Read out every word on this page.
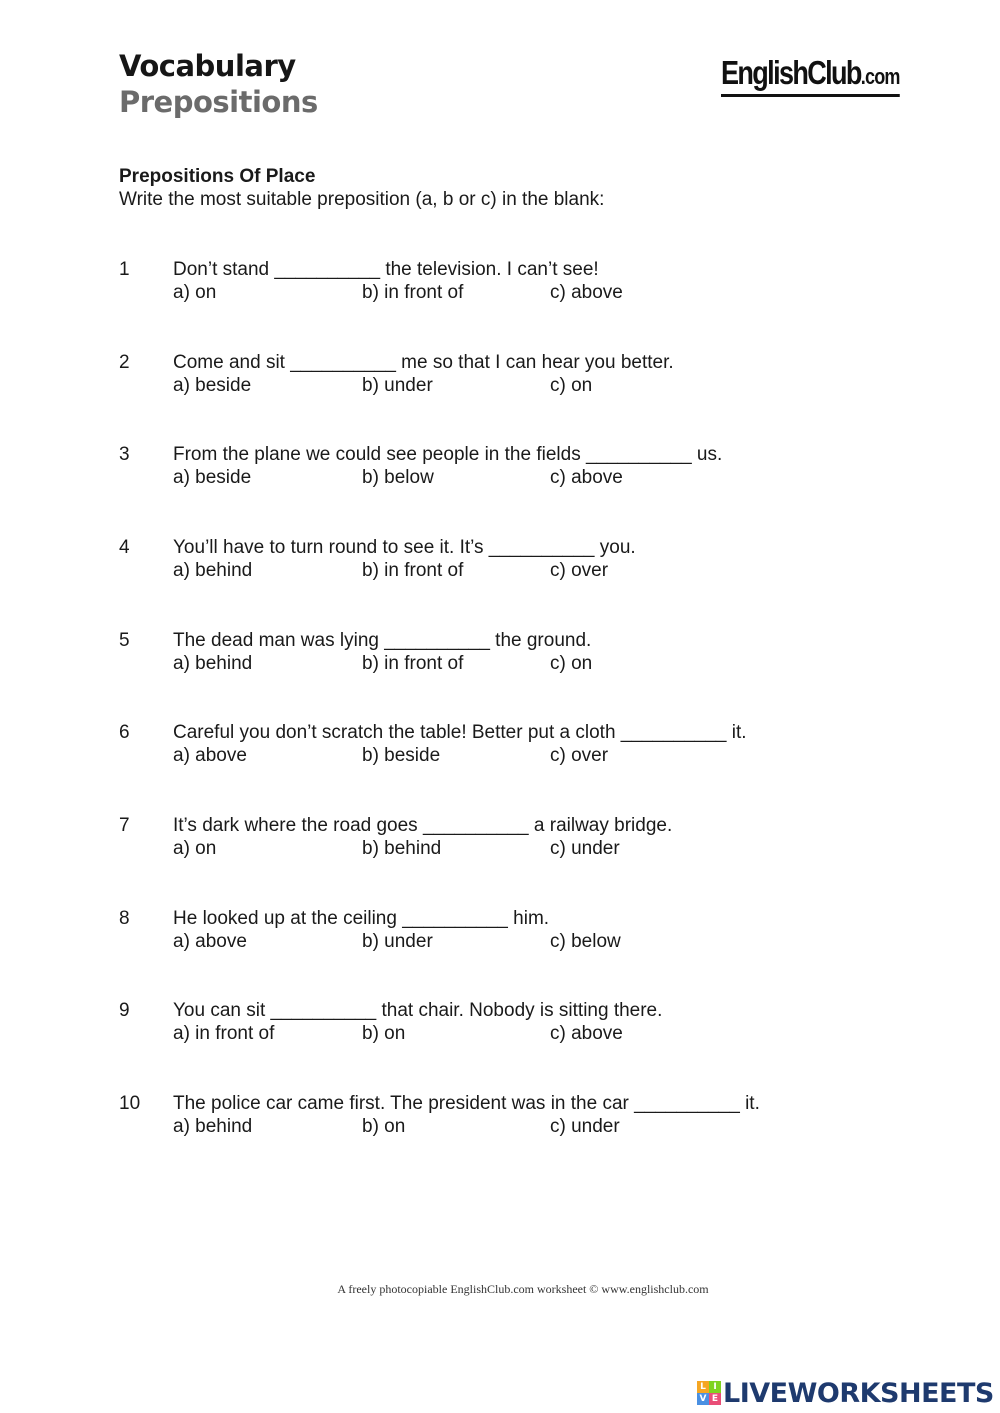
Vocabulary
Prepositions
EnglishClub.com
Prepositions Of Place
Write the most suitable preposition (a, b or c) in the blank:
1 Don’t stand __________ the television. I can’t see!
a) on	b) in front of	c) above
2 Come and sit __________ me so that I can hear you better.
a) beside	b) under	c) on
3 From the plane we could see people in the fields __________ us.
a) beside	b) below	c) above
4 You’ll have to turn round to see it. It’s __________ you.
a) behind	b) in front of	c) over
5 The dead man was lying __________ the ground.
a) behind	b) in front of	c) on
6 Careful you don’t scratch the table! Better put a cloth __________ it.
a) above	b) beside	c) over
7 It’s dark where the road goes __________ a railway bridge.
a) on	b) behind	c) under
8 He looked up at the ceiling __________ him.
a) above	b) under	c) below
9 You can sit __________ that chair. Nobody is sitting there.
a) in front of	b) on	c) above
10 The police car came first. The president was in the car __________ it.
a) behind	b) on	c) under
A freely photocopiable EnglishClub.com worksheet © www.englishclub.com
L I
V E LIVEWORKSHEETS
